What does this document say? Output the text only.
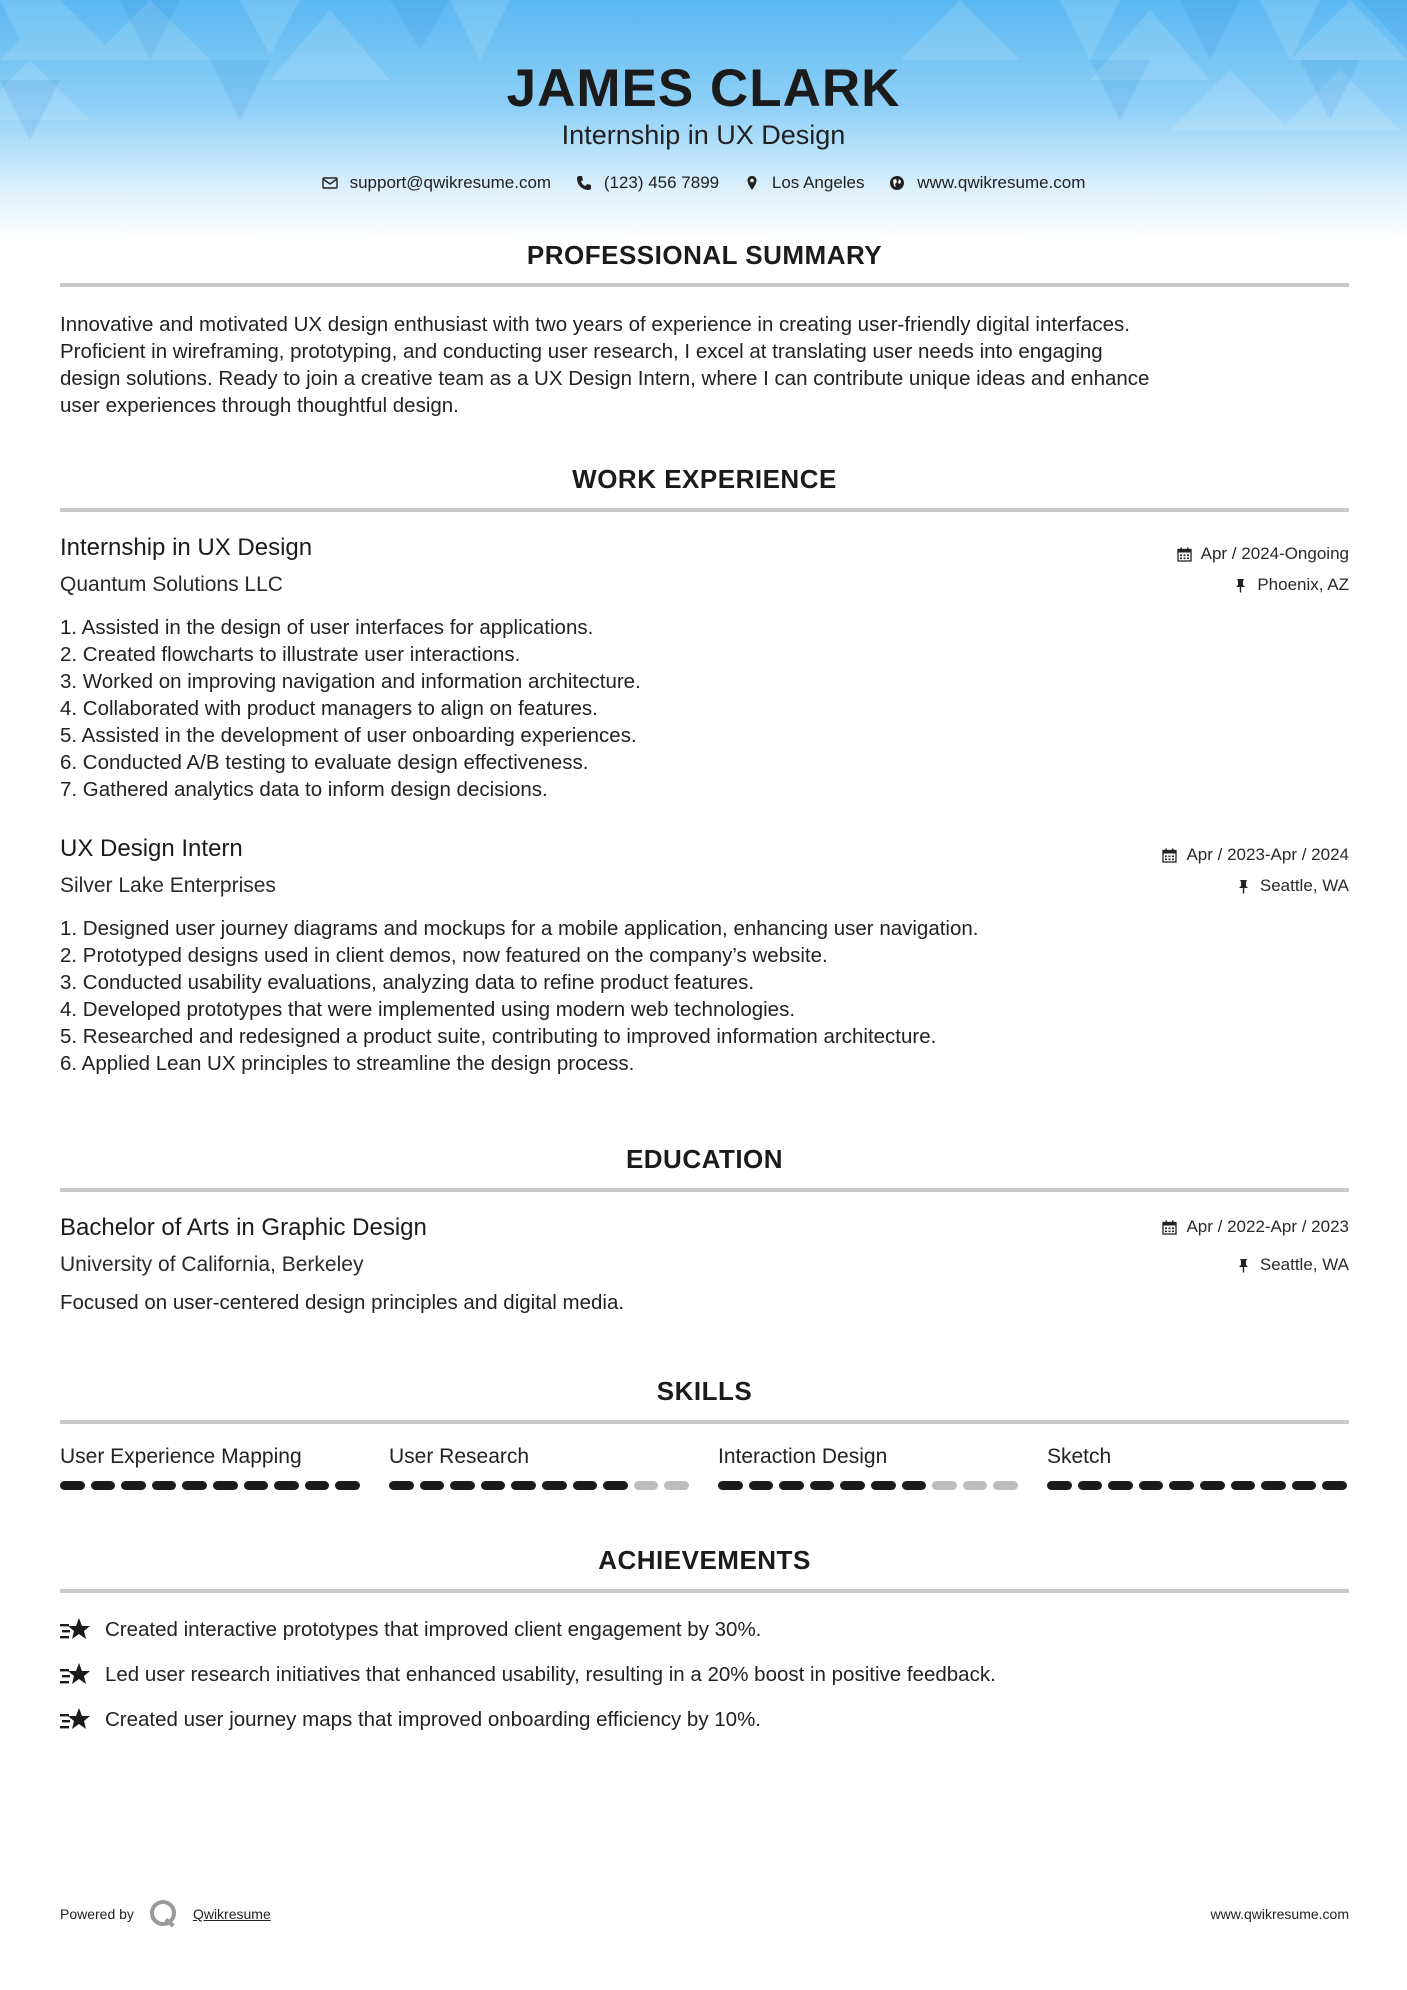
JAMES CLARK
Internship in UX Design
support@qwikresume.com
	(123) 456 7899
	Los Angeles
	www.qwikresume.com
PROFESSIONAL SUMMARY
Innovative and motivated UX design enthusiast with two years of experience in creating user-friendly digital interfaces.
Proficient in wireframing, prototyping, and conducting user research, I excel at translating user needs into engaging
design solutions. Ready to join a creative team as a UX Design Intern, where I can contribute unique ideas and enhance
user experiences through thoughtful design.
WORK EXPERIENCE
Internship in UX Design	Apr / 2024-Ongoing
Quantum Solutions LLC	Phoenix, AZ
1. Assisted in the design of user interfaces for applications.
2. Created flowcharts to illustrate user interactions.
3. Worked on improving navigation and information architecture.
4. Collaborated with product managers to align on features.
5. Assisted in the development of user onboarding experiences.
6. Conducted A/B testing to evaluate design effectiveness.
7. Gathered analytics data to inform design decisions.
UX Design Intern	Apr / 2023-Apr / 2024
Silver Lake Enterprises	Seattle, WA
1. Designed user journey diagrams and mockups for a mobile application, enhancing user navigation.
2. Prototyped designs used in client demos, now featured on the company’s website.
3. Conducted usability evaluations, analyzing data to refine product features.
4. Developed prototypes that were implemented using modern web technologies.
5. Researched and redesigned a product suite, contributing to improved information architecture.
6. Applied Lean UX principles to streamline the design process.
EDUCATION
Bachelor of Arts in Graphic Design	Apr / 2022-Apr / 2023
University of California, Berkeley	Seattle, WA
Focused on user-centered design principles and digital media.
SKILLS
User Experience Mapping	User Research	Interaction Design	Sketch
ACHIEVEMENTS
Created interactive prototypes that improved client engagement by 30%.
Led user research initiatives that enhanced usability, resulting in a 20% boost in positive feedback.
Created user journey maps that improved onboarding efficiency by 10%.
Powered by	Qwikresume	www.qwikresume.com
